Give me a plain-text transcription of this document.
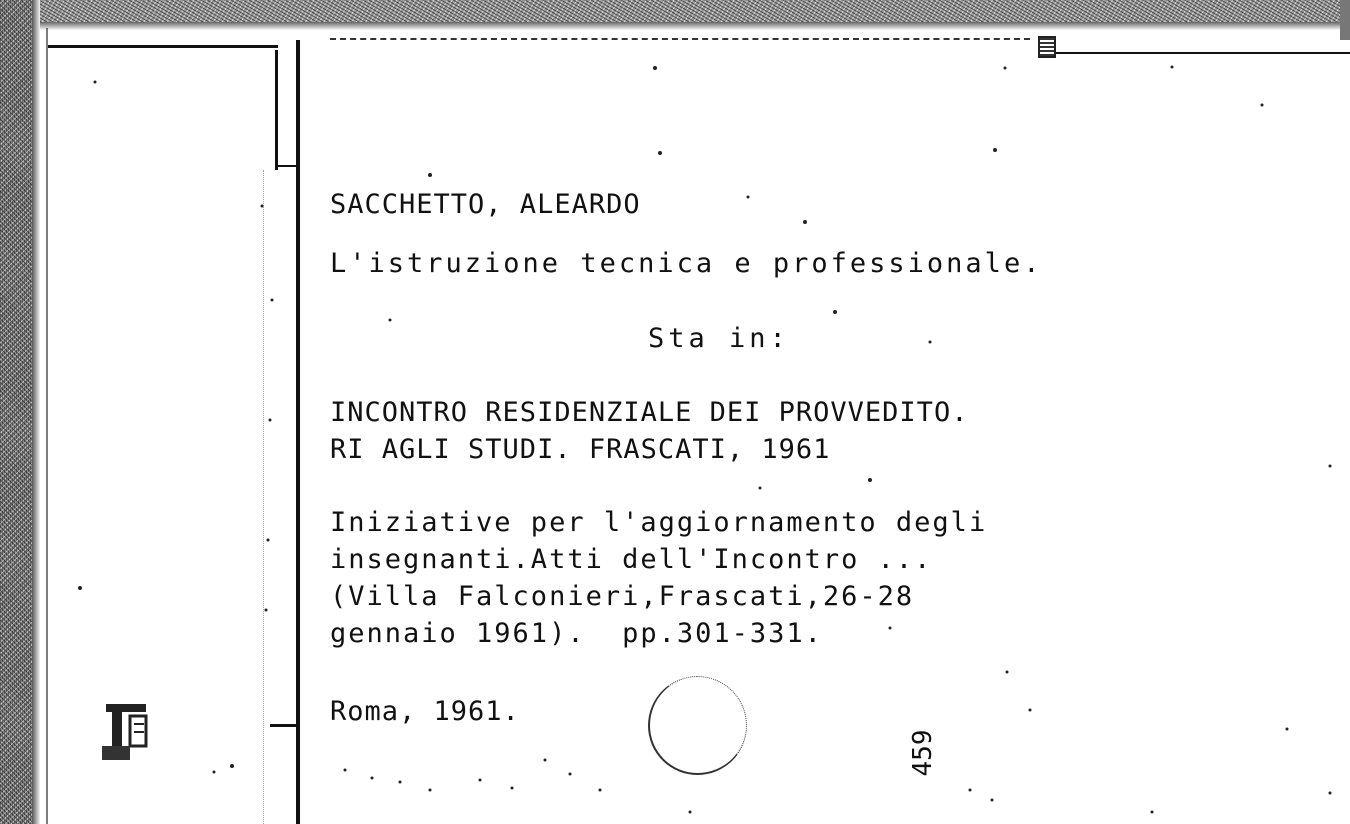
SACCHETTO, ALEARDO
L'istruzione tecnica e professionale.
Sta in:
INCONTRO RESIDENZIALE DEI PROVVEDITO.
RI AGLI STUDI. FRASCATI, 1961
Iniziative per l'aggiornamento degli
insegnanti.Atti dell'Incontro ...
(Villa Falconieri,Frascati,26-28
gennaio 1961).  pp.301-331.
Roma, 1961.
459
